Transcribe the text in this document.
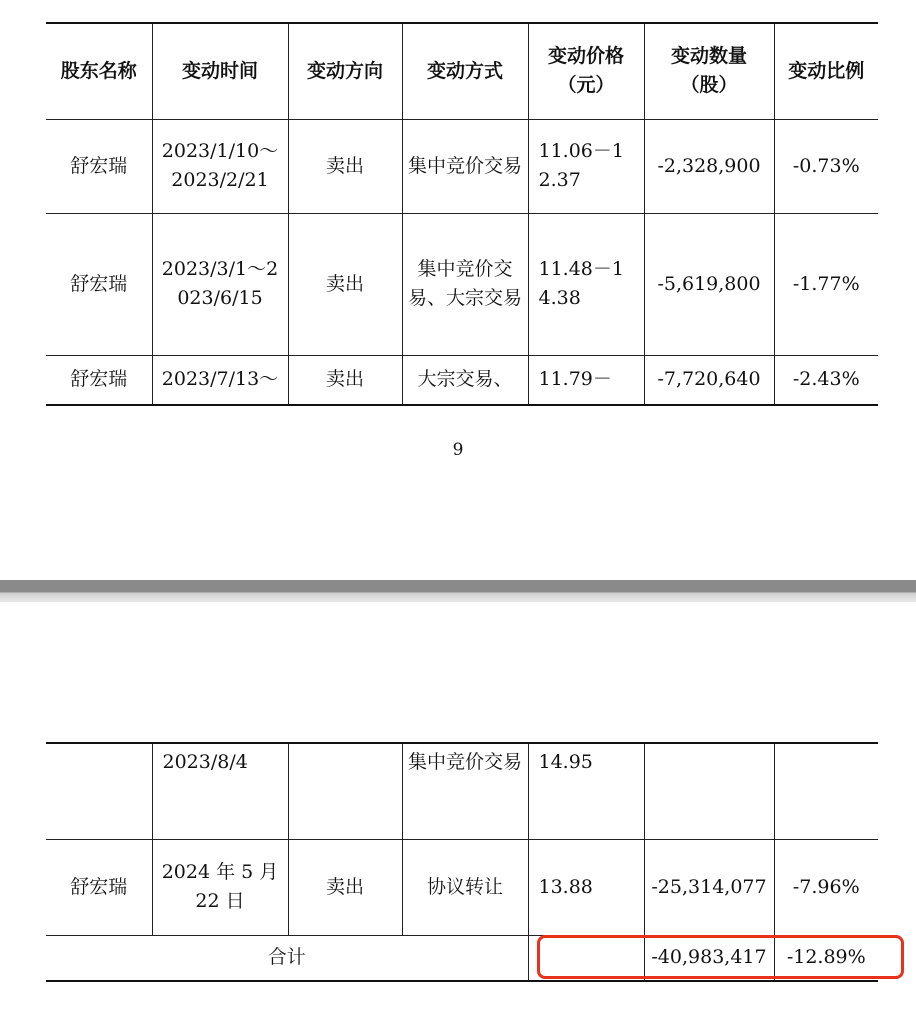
股东名称	变动时间	变动方向	变动方式	变动价格（元）	变动数量（股）	变动比例
舒宏瑞	2023/1/10～2023/2/21	卖出	集中竞价交易	11.06－12.37	-2,328,900	-0.73%
舒宏瑞	2023/3/1～2023/6/15	卖出	集中竞价交易、大宗交易	11.48－14.38	-5,619,800	-1.77%
舒宏瑞	2023/7/13～	卖出	大宗交易、	11.79－	-7,720,640	-2.43%
9
	2023/8/4		集中竞价交易	14.95		
舒宏瑞	2024 年 5 月 22 日	卖出	协议转让	13.88	-25,314,077	-7.96%
合计					-40,983,417	-12.89%
